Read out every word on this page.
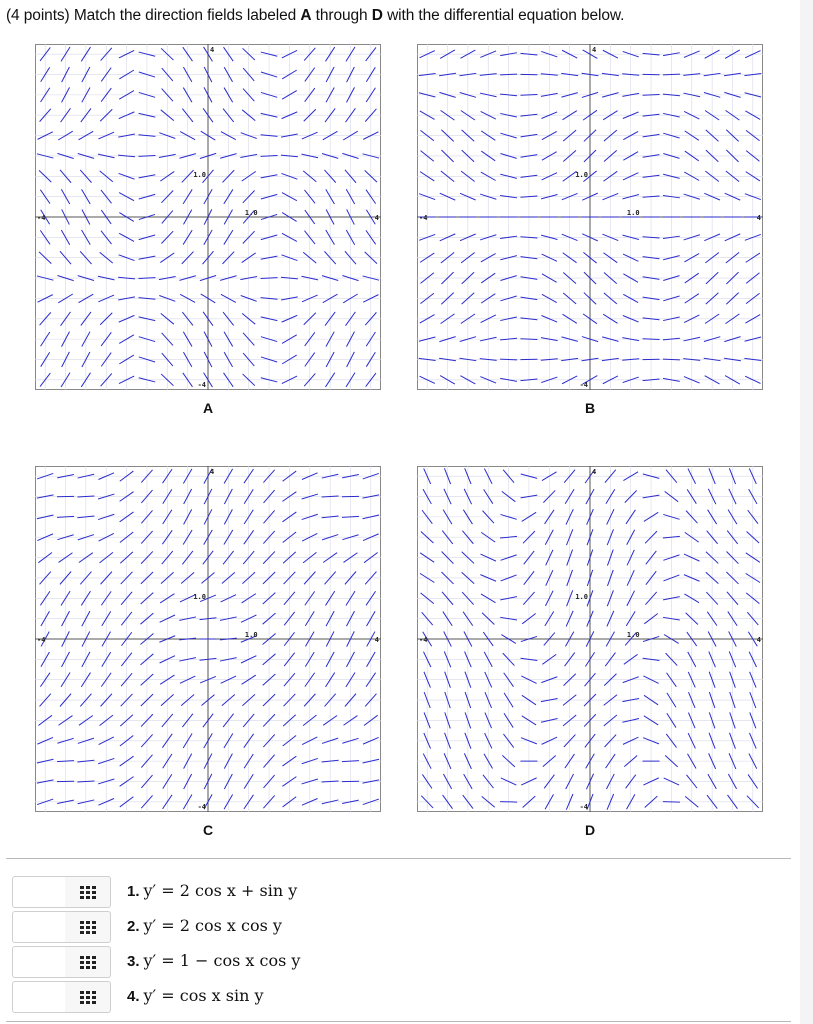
(4 points) Match the direction fields labeled A through D with the differential equation below.
-4	4
4
-4
1.0
1.0
A
-4	4
4
-4
1.0
1.0
B
-4	4
4
-4
1.0
1.0
C
-4	4
4
-4
1.0
1.0
D
1. y′ = 2 cos x + sin y
2. y′ = 2 cos x cos y
3. y′ = 1 − cos x cos y
4. y′ = cos x sin y
